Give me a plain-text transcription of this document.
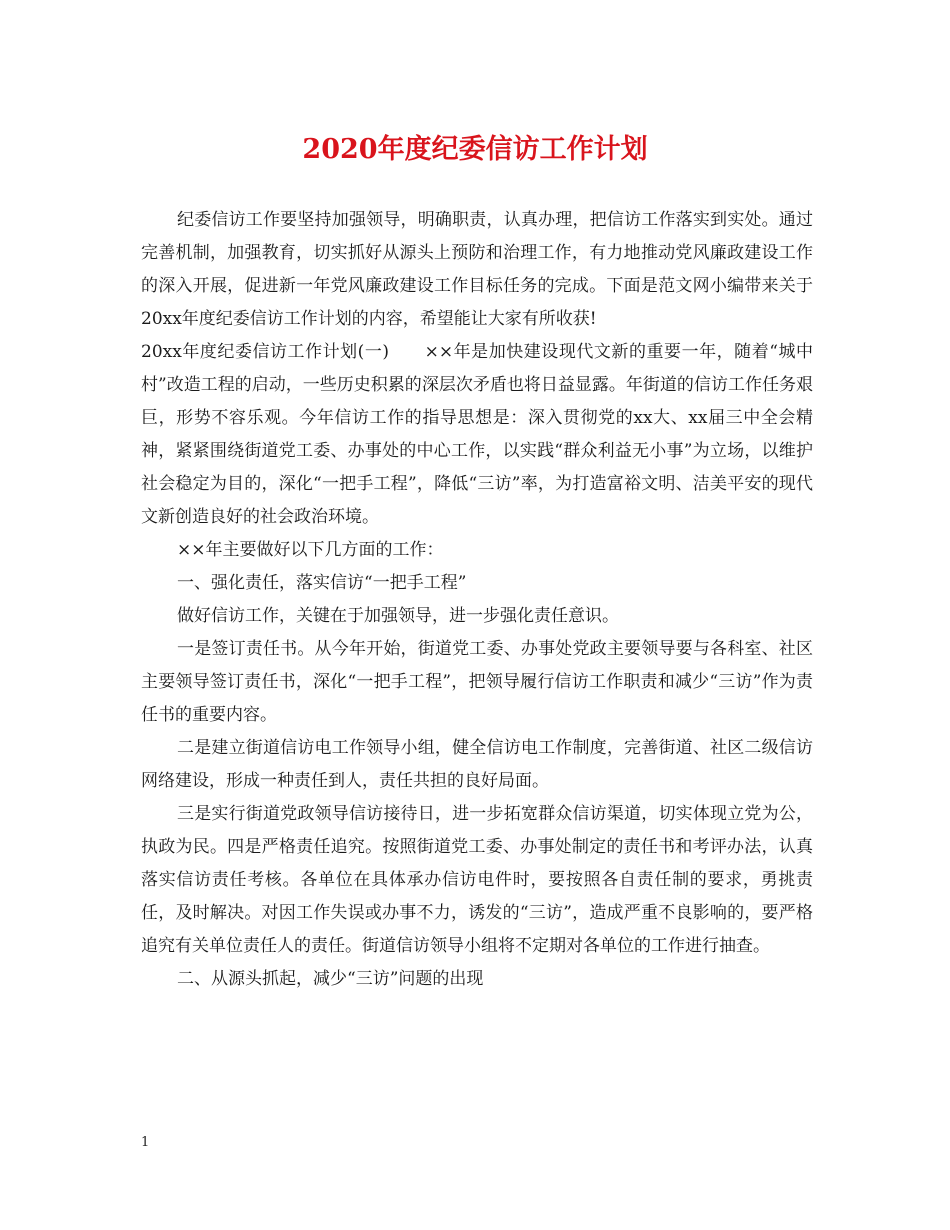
2020年度纪委信访工作计划

纪委信访工作要坚持加强领导，明确职责，认真办理，把信访工作落实到实处。通过完善机制，加强教育，切实抓好从源头上预防和治理工作，有力地推动党风廉政建设工作的深入开展，促进新一年党风廉政建设工作目标任务的完成。下面是范文网小编带来关于20xx年度纪委信访工作计划的内容，希望能让大家有所收获!

20xx年度纪委信访工作计划(一)　　××年是加快建设现代文新的重要一年，随着“城中村”改造工程的启动，一些历史积累的深层次矛盾也将日益显露。年街道的信访工作任务艰巨，形势不容乐观。今年信访工作的指导思想是：深入贯彻党的xx大、xx届三中全会精神，紧紧围绕街道党工委、办事处的中心工作，以实践“群众利益无小事”为立场，以维护社会稳定为目的，深化“一把手工程”，降低“三访”率，为打造富裕文明、洁美平安的现代文新创造良好的社会政治环境。

××年主要做好以下几方面的工作：

一、强化责任，落实信访“一把手工程”

做好信访工作，关键在于加强领导，进一步强化责任意识。

一是签订责任书。从今年开始，街道党工委、办事处党政主要领导要与各科室、社区主要领导签订责任书，深化“一把手工程”，把领导履行信访工作职责和减少“三访”作为责任书的重要内容。

二是建立街道信访电工作领导小组，健全信访电工作制度，完善街道、社区二级信访网络建设，形成一种责任到人，责任共担的良好局面。

三是实行街道党政领导信访接待日，进一步拓宽群众信访渠道，切实体现立党为公，执政为民。四是严格责任追究。按照街道党工委、办事处制定的责任书和考评办法，认真落实信访责任考核。各单位在具体承办信访电件时，要按照各自责任制的要求，勇挑责任，及时解决。对因工作失误或办事不力，诱发的“三访”，造成严重不良影响的，要严格追究有关单位责任人的责任。街道信访领导小组将不定期对各单位的工作进行抽查。

二、从源头抓起，减少“三访”问题的出现

1
